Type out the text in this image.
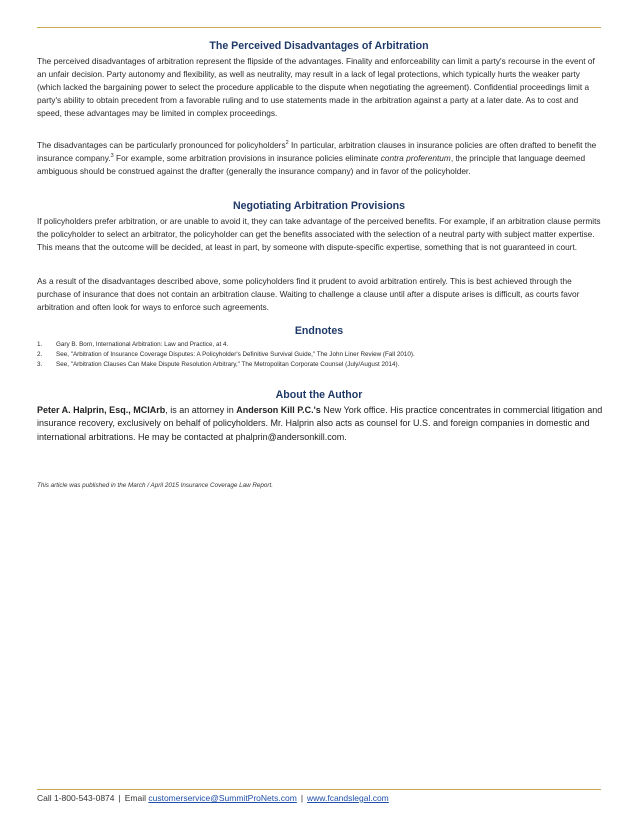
The Perceived Disadvantages of Arbitration

The perceived disadvantages of arbitration represent the flipside of the advantages. Finality and enforceability can limit a party's recourse in the event of an unfair decision. Party autonomy and flexibility, as well as neutrality, may result in a lack of legal protections, which typically hurts the weaker party (which lacked the bargaining power to select the procedure applicable to the dispute when negotiating the agreement). Confidential proceedings limit a party's ability to obtain precedent from a favorable ruling and to use statements made in the arbitration against a party at a later date. As to cost and speed, these advantages may be limited in complex proceedings.

The disadvantages can be particularly pronounced for policyholders$^2$ In particular, arbitration clauses in insurance policies are often drafted to benefit the insurance company.$^3$ For example, some arbitration provisions in insurance policies eliminate contra proferentum, the principle that language deemed ambiguous should be construed against the drafter (generally the insurance company) and in favor of the policyholder.

Negotiating Arbitration Provisions

If policyholders prefer arbitration, or are unable to avoid it, they can take advantage of the perceived benefits. For example, if an arbitration clause permits the policyholder to select an arbitrator, the policyholder can get the benefits associated with the selection of a neutral party with subject matter expertise. This means that the outcome will be decided, at least in part, by someone with dispute-specific expertise, something that is not guaranteed in court.

As a result of the disadvantages described above, some policyholders find it prudent to avoid arbitration entirely. This is best achieved through the purchase of insurance that does not contain an arbitration clause. Waiting to challenge a clause until after a dispute arises is difficult, as courts favor arbitration and often look for ways to enforce such agreements.

Endnotes
1. Gary B. Born, International Arbitration: Law and Practice, at 4.
2. See, "Arbitration of Insurance Coverage Disputes: A Policyholder's Definitive Survival Guide," The John Liner Review (Fall 2010).
3. See, "Arbitration Clauses Can Make Dispute Resolution Arbitrary," The Metropolitan Corporate Counsel (July/August 2014).
About the Author

Peter A. Halprin, Esq., MCIArb, is an attorney in Anderson Kill P.C.'s New York office. His practice concentrates in commercial litigation and insurance recovery, exclusively on behalf of policyholders. Mr. Halprin also acts as counsel for U.S. and foreign companies in domestic and international arbitrations. He may be contacted at phalprin@andersonkill.com.

This article was published in the March / April 2015 Insurance Coverage Law Report.

Call 1-800-543-0874 | Email customerservice@SummitProNets.com | www.fcandslegal.com
